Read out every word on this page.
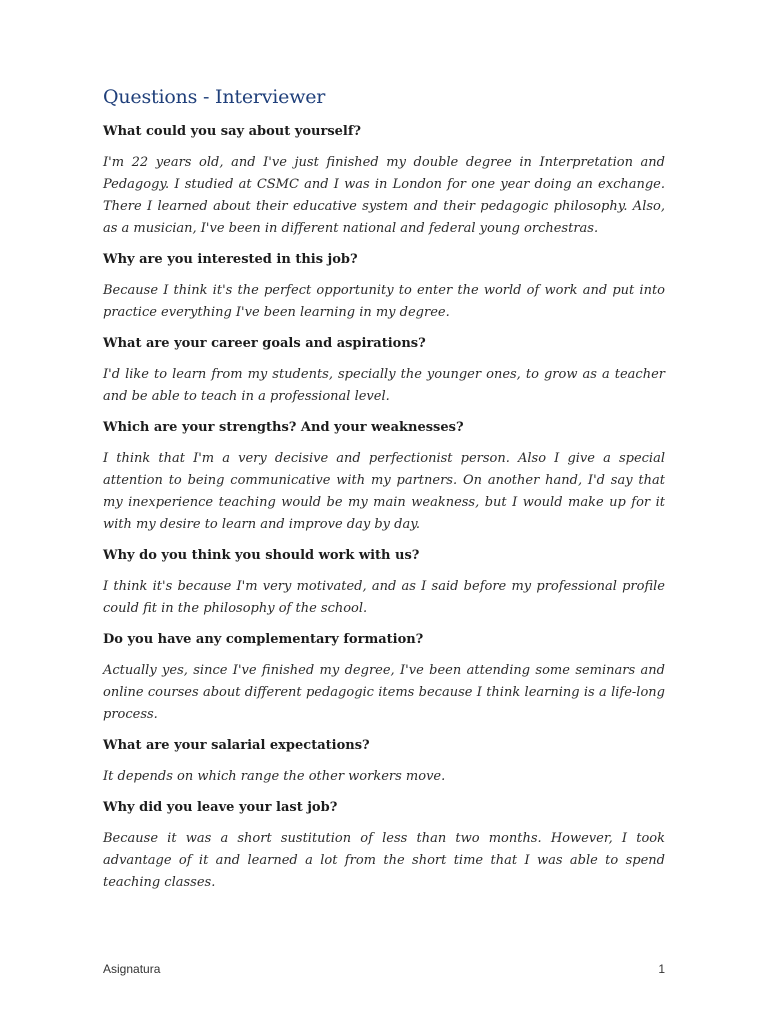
Questions - Interviewer

What could you say about yourself?

I'm 22 years old, and I've just finished my double degree in Interpretation and Pedagogy. I studied at CSMC and I was in London for one year doing an exchange. There I learned about their educative system and their pedagogic philosophy. Also, as a musician, I've been in different national and federal young orchestras.

Why are you interested in this job?

Because I think it's the perfect opportunity to enter the world of work and put into practice everything I've been learning in my degree.

What are your career goals and aspirations?

I'd like to learn from my students, specially the younger ones, to grow as a teacher and be able to teach in a professional level.

Which are your strengths? And your weaknesses?

I think that I'm a very decisive and perfectionist person. Also I give a special attention to being communicative with my partners. On another hand, I'd say that my inexperience teaching would be my main weakness, but I would make up for it with my desire to learn and improve day by day.

Why do you think you should work with us?

I think it's because I'm very motivated, and as I said before my professional profile could fit in the philosophy of the school.

Do you have any complementary formation?

Actually yes, since I've finished my degree, I've been attending some seminars and online courses about different pedagogic items because I think learning is a life-long process.

What are your salarial expectations?

It depends on which range the other workers move.

Why did you leave your last job?

Because it was a short sustitution of less than two months. However, I took advantage of it and learned a lot from the short time that I was able to spend teaching classes.

Asignatura	1
